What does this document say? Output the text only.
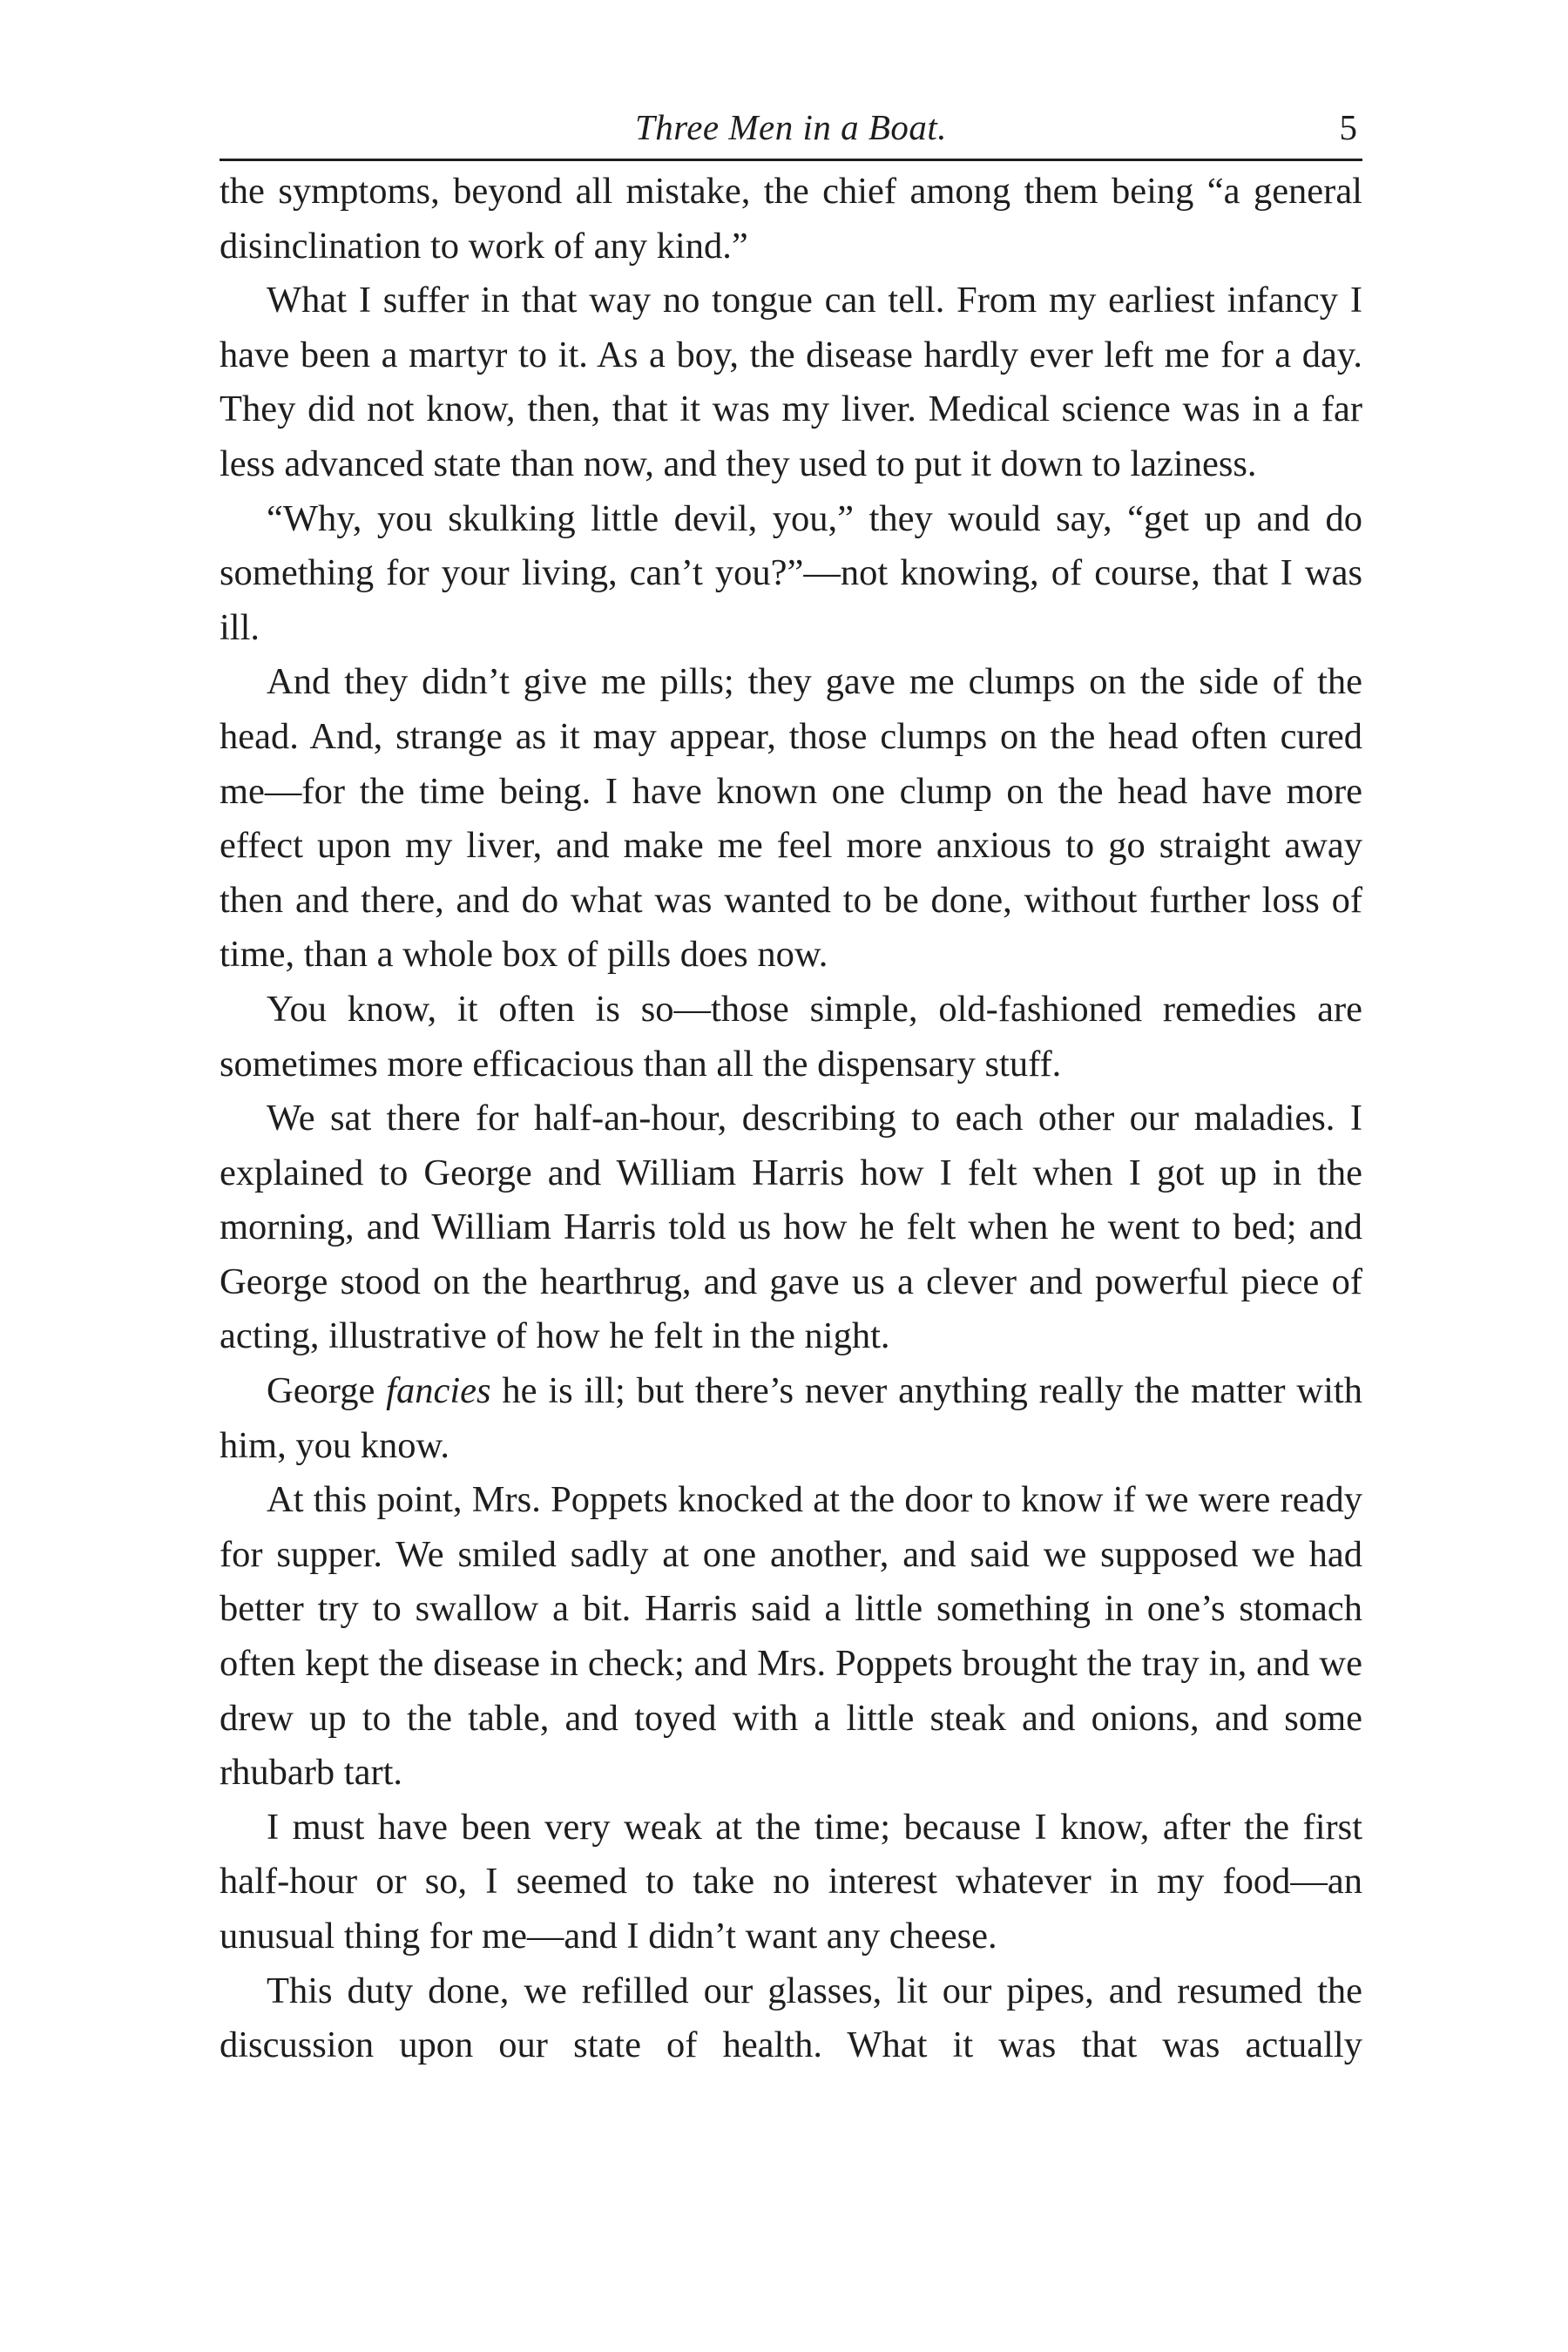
Three Men in a Boat.	5

the symptoms, beyond all mistake, the chief among them being “a general disinclination to work of any kind.”

What I suffer in that way no tongue can tell. From my earliest infancy I have been a martyr to it. As a boy, the disease hardly ever left me for a day. They did not know, then, that it was my liver. Medical science was in a far less advanced state than now, and they used to put it down to laziness.

“Why, you skulking little devil, you,” they would say, “get up and do something for your living, can’t you?”—not knowing, of course, that I was ill.

And they didn’t give me pills; they gave me clumps on the side of the head. And, strange as it may appear, those clumps on the head often cured me—for the time being. I have known one clump on the head have more effect upon my liver, and make me feel more anxious to go straight away then and there, and do what was wanted to be done, without further loss of time, than a whole box of pills does now.

You know, it often is so—those simple, old-fashioned remedies are sometimes more efficacious than all the dispensary stuff.

We sat there for half-an-hour, describing to each other our maladies. I explained to George and William Harris how I felt when I got up in the morning, and William Harris told us how he felt when he went to bed; and George stood on the hearthrug, and gave us a clever and powerful piece of acting, illustrative of how he felt in the night.

George fancies he is ill; but there’s never anything really the matter with him, you know.

At this point, Mrs. Poppets knocked at the door to know if we were ready for supper. We smiled sadly at one another, and said we supposed we had better try to swallow a bit. Harris said a little something in one’s stomach often kept the disease in check; and Mrs. Poppets brought the tray in, and we drew up to the table, and toyed with a little steak and onions, and some rhubarb tart.

I must have been very weak at the time; because I know, after the first half-hour or so, I seemed to take no interest whatever in my food—an unusual thing for me—and I didn’t want any cheese.

This duty done, we refilled our glasses, lit our pipes, and resumed the discussion upon our state of health. What it was that was actually
